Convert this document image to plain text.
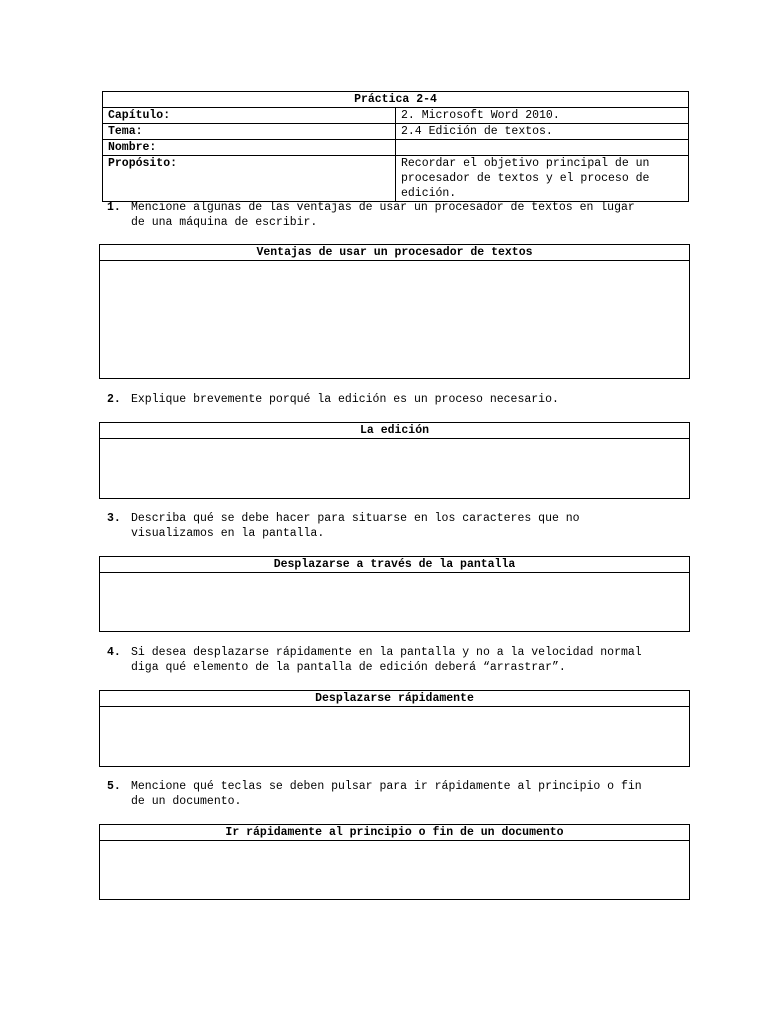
Práctica 2-4	
Capítulo:	2. Microsoft Word 2010.
Tema:	2.4 Edición de textos.
Nombre:	
Propósito:	Recordar el objetivo principal de un procesador de textos y el proceso de edición.
1. Mencione algunas de las ventajas de usar un procesador de textos en lugar de una máquina de escribir.
Ventajas de usar un procesador de textos
2. Explique brevemente porqué la edición es un proceso necesario.
La edición
3. Describa qué se debe hacer para situarse en los caracteres que no visualizamos en la pantalla.
Desplazarse a través de la pantalla
4. Si desea desplazarse rápidamente en la pantalla y no a la velocidad normal diga qué elemento de la pantalla de edición deberá “arrastrar”.
Desplazarse rápidamente
5. Mencione qué teclas se deben pulsar para ir rápidamente al principio o fin de un documento.
Ir rápidamente al principio o fin de un documento
